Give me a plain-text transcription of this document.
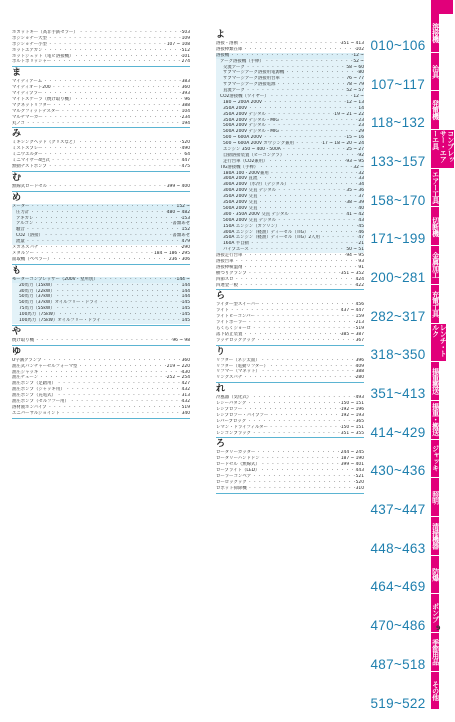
ホカットキー（高非手鉄セラー） ・・・・・・・・・・・・・・・・・・・・・・・・・・・・・・・・・・・・・・・・・・・・	503
ボジショナー大型 ・・・・・・・・・・・・・・・・・・・・・・・・・・・・・・・・・・・・・・・・・・・・	109
ボジショナー小型 ・・・・・・・・・・・・・・・・・・・・・・・・・・・・・・・・・・・・・・・・・・・・	107 ~ 108
ホットエアガン ・・・・・・・・・・・・・・・・・・・・・・・・・・・・・・・・・・・・・・・・・・・・	512
ホットジェット（電ビ溶接機） ・・・・・・・・・・・・・・・・・・・・・・・・・・・・・・・・・・・・・・・・・・・・	101
ボルトポリッシャー ・・・・・・・・・・・・・・・・・・・・・・・・・・・・・・・・・・・・・・・・・・・・	274
ま
マイティアーム ・・・・・・・・・・・・・・・・・・・・・・・・・・・・・・・・・・・・・・・・・・・・	383
マイティオート200 ・・・・・・・・・・・・・・・・・・・・・・・・・・・・・・・・・・・・・・・・・・・・	360
マイティプラー ・・・・・・・・・・・・・・・・・・・・・・・・・・・・・・・・・・・・・・・・・・・・	393
マイトスケーラ（焼け取り機） ・・・・・・・・・・・・・・・・・・・・・・・・・・・・・・・・・・・・・・・・・・・・	96
マグネットリフター ・・・・・・・・・・・・・・・・・・・・・・・・・・・・・・・・・・・・・・・・・・・・	388
マルクフィットテスター ・・・・・・・・・・・・・・・・・・・・・・・・・・・・・・・・・・・・・・・・・・・・	104
マルチマーカー ・・・・・・・・・・・・・・・・・・・・・・・・・・・・・・・・・・・・・・・・・・・・	234
丸ノコ ・・・・・・・・・・・・・・・・・・・・・・・・・・・・・・・・・・・・・・・・・・・・	194
み
ミキシングヘッド（グリスなど） ・・・・・・・・・・・・・・・・・・・・・・・・・・・・・・・・・・・・・・・・・・・・	520
ミストスプレー ・・・・・・・・・・・・・・・・・・・・・・・・・・・・・・・・・・・・・・・・・・・・	490
ミニウエルダー ・・・・・・・・・・・・・・・・・・・・・・・・・・・・・・・・・・・・・・・・・・・・	64
ミニマイザー4色式 ・・・・・・・・・・・・・・・・・・・・・・・・・・・・・・・・・・・・・・・・・・・・	447
無動ナストポンプ ・・・・・・・・・・・・・・・・・・・・・・・・・・・・・・・・・・・・・・・・・・・・	475
む
無線式ロードセル ・・・・・・・・・・・・・・・・・・・・・・・・・・・・・・・・・・・・・・・・・・・・	399 ~ 400
め
メーター ・・・・・・・・・・・・・・・・・・・・・・・・・・・・・・・・・・・・・・・・・・・・	152 ~
圧力計 ・・・・・・・・・・・・・・・・・・・・・・・・・・・・・・・・・・・・・・・・・・・・	480 ~ 482
アキカレ ・・・・・・・・・・・・・・・・・・・・・・・・・・・・・・・・・・・・・・・・・・・・	153
アルゴン ・・・・・・・・・・・・・・・・・・・・・・・・・・・・・・・・・・・・・・・・・・・・	書類あせ
騒音 ・・・・・・・・・・・・・・・・・・・・・・・・・・・・・・・・・・・・・・・・・・・・	152
CO2（溶接） ・・・・・・・・・・・・・・・・・・・・・・・・・・・・・・・・・・・・・・・・・・・・	書類あせ
流量 ・・・・・・・・・・・・・・・・・・・・・・・・・・・・・・・・・・・・・・・・・・・・	479
メガネスパナ ・・・・・・・・・・・・・・・・・・・・・・・・・・・・・・・・・・・・・・・・・・・・	290
メタルソー ・・・・・・・・・・・・・・・・・・・・・・・・・・・・・・・・・・・・・・・・・・・・	184 ~ 186・295
面取機（ベベラー） ・・・・・・・・・・・・・・・・・・・・・・・・・・・・・・・・・・・・・・・・・・・・	236・306
も
モーターコンプレッサー（200V・窒所別） ・・・・・・・・・・・・・・・・・・・・・・・・・・・・・・・・・・・・・・・・・・・・	144 ~
20馬力（15kW） ・・・・・・・・・・・・・・・・・・・・・・・・・・・・・・・・・・・・・・・・・・・・	144
30馬力（22kW） ・・・・・・・・・・・・・・・・・・・・・・・・・・・・・・・・・・・・・・・・・・・・	144
50馬力（37kW） ・・・・・・・・・・・・・・・・・・・・・・・・・・・・・・・・・・・・・・・・・・・・	144
50馬力（37kW）オイルフリー・ドライ ・・・・・・・・・・・・・・・・・・・・・・・・・・・・・・・・・・・・・・・・・・・・	145
75馬力（55kW） ・・・・・・・・・・・・・・・・・・・・・・・・・・・・・・・・・・・・・・・・・・・・	145
100馬力（75kW） ・・・・・・・・・・・・・・・・・・・・・・・・・・・・・・・・・・・・・・・・・・・・	145
100馬力（75kW）オイルフリー・ドライ ・・・・・・・・・・・・・・・・・・・・・・・・・・・・・・・・・・・・・・・・・・・・	145
や
焼け取り機 ・・・・・・・・・・・・・・・・・・・・・・・・・・・・・・・・・・・・・・・・・・・・	96 ~ 98
ゆ
U字溝クランプ ・・・・・・・・・・・・・・・・・・・・・・・・・・・・・・・・・・・・・・・・・・・・	360
油圧式パンチャーセルフォーマ型 ・・・・・・・・・・・・・・・・・・・・・・・・・・・・・・・・・・・・・・・・・・・・	219 ~ 220
油圧ジャッキ ・・・・・・・・・・・・・・・・・・・・・・・・・・・・・・・・・・・・・・・・・・・・	430
油圧チェーン ・・・・・・・・・・・・・・・・・・・・・・・・・・・・・・・・・・・・・・・・・・・・	252 ~ 254
油圧ポンプ（足踏用） ・・・・・・・・・・・・・・・・・・・・・・・・・・・・・・・・・・・・・・・・・・・・	427
油圧ポンプ（ジャッキ用） ・・・・・・・・・・・・・・・・・・・・・・・・・・・・・・・・・・・・・・・・・・・・	432
油圧ポンプ（充電式） ・・・・・・・・・・・・・・・・・・・・・・・・・・・・・・・・・・・・・・・・・・・・	313
油圧ポンプ（セルフフー用） ・・・・・・・・・・・・・・・・・・・・・・・・・・・・・・・・・・・・・・・・・・・・	432
溶材液ホンパイプ ・・・・・・・・・・・・・・・・・・・・・・・・・・・・・・・・・・・・・・・・・・・・	519
ユニバーサルジョイント ・・・・・・・・・・・・・・・・・・・・・・・・・・・・・・・・・・・・・・・・・・・・	340
よ
溶接・溶断 ・・・・・・・・・・・・・・・・・・・・・・・・・・・・・・・・・・・・・・・・・・・・	351 ~ 413
溶接棒類在庫 ・・・・・・・・・・・・・・・・・・・・・・・・・・・・・・・・・・・・・・・・・・・・	102
溶接機 ・・・・・・・・・・・・・・・・・・・・・・・・・・・・・・・・・・・・・・・・・・・・	12 ~
アーク溶接機（手棒） ・・・・・・・・・・・・・・・・・・・・・・・・・・・・・・・・・・・・・・・・・・・・	52 ~
交流アーク ・・・・・・・・・・・・・・・・・・・・・・・・・・・・・・・・・・・・・・・・・・・・	58 ~ 60
サブマージアーク溶接用電源機 ・・・・・・・・・・・・・・・・・・・・・・・・・・・・・・・・・・・・・・・・・・・・	80
サブマージアーク溶接用台車 ・・・・・・・・・・・・・・・・・・・・・・・・・・・・・・・・・・・・・・・・・・・・	76 ~ 77
サブマージアーク溶接電源 ・・・・・・・・・・・・・・・・・・・・・・・・・・・・・・・・・・・・・・・・・・・・	78 ~ 79
直流アーク ・・・・・・・・・・・・・・・・・・・・・・・・・・・・・・・・・・・・・・・・・・・・	52 ~ 57
CO2溶接機（ワイヤー） ・・・・・・・・・・・・・・・・・・・・・・・・・・・・・・・・・・・・・・・・・・・・	12 ~
180 ~ 200A 200V ・・・・・・・・・・・・・・・・・・・・・・・・・・・・・・・・・・・・・・・・・・・・	12 ~ 13
350A 200V ・・・・・・・・・・・・・・・・・・・・・・・・・・・・・・・・・・・・・・・・・・・・	14
350A 200V デジタル ・・・・・・・・・・・・・・・・・・・・・・・・・・・・・・・・・・・・・・・・・・・・	19 ~ 21 ~ 22
350A 200V デジタル・MIG ・・・・・・・・・・・・・・・・・・・・・・・・・・・・・・・・・・・・・・・・・・・・	23
500A 200V デジタル ・・・・・・・・・・・・・・・・・・・・・・・・・・・・・・・・・・・・・・・・・・・・	23
500A 200V デジタル・MIG ・・・・・・・・・・・・・・・・・・・・・・・・・・・・・・・・・・・・・・・・・・・・	29
500 ~ 600A 200V ・・・・・・・・・・・・・・・・・・・・・・・・・・・・・・・・・・・・・・・・・・・・	15 ~ 16
500 ~ 600A 200V ガウジング兼用 ・・・・・・・・・・・・・・・・・・・・・・・・・・・・・・・・・・・・・・・・・・・・	17 ~ 18 ~ 20 ~ 24
エンジン 350 ~ 400・500A ・・・・・・・・・・・・・・・・・・・・・・・・・・・・・・・・・・・・・・・・・・・・	25 ~ 27
自動溶接装置（ビーコンクラ） ・・・・・・・・・・・・・・・・・・・・・・・・・・・・・・・・・・・・・・・・・・・・	92
走行台車（CO2兼用） ・・・・・・・・・・・・・・・・・・・・・・・・・・・・・・・・・・・・・・・・・・・・	93 ~ 95
TIG溶接機（手棒） ・・・・・・・・・・・・・・・・・・・・・・・・・・・・・・・・・・・・・・・・・・・・	32 ~
180A 100・200V兼用 ・・・・・・・・・・・・・・・・・・・・・・・・・・・・・・・・・・・・・・・・・・・・	32
300A 200V 直流 ・・・・・・・・・・・・・・・・・・・・・・・・・・・・・・・・・・・・・・・・・・・・	33
300A 200V（水冷）（デジタル） ・・・・・・・・・・・・・・・・・・・・・・・・・・・・・・・・・・・・・・・・・・・・	34
300A 200V 交直 デジタル ・・・・・・・・・・・・・・・・・・・・・・・・・・・・・・・・・・・・・・・・・・・・	35 ~ 36
350A 200V 交直 ・・・・・・・・・・・・・・・・・・・・・・・・・・・・・・・・・・・・・・・・・・・・	37
350A 200V 交直 ・・・・・・・・・・・・・・・・・・・・・・・・・・・・・・・・・・・・・・・・・・・・	38 ~ 39
500A 200V 交直 ・・・・・・・・・・・・・・・・・・・・・・・・・・・・・・・・・・・・・・・・・・・・	40
300・350A 200V 交直 デジタル ・・・・・・・・・・・・・・・・・・・・・・・・・・・・・・・・・・・・・・・・・・・・	41 ~ 42
500A 200V 交直 デジタル ・・・・・・・・・・・・・・・・・・・・・・・・・・・・・・・・・・・・・・・・・・・・	43
150A エンジン（ガソリン） ・・・・・・・・・・・・・・・・・・・・・・・・・・・・・・・・・・・・・・・・・・・・	45
300A エンジン（軽油）ディーゼル（TIG） ・・・・・・・・・・・・・・・・・・・・・・・・・・・・・・・・・・・・・・・・・・・・	46
350A エンジン（軽油）ディーゼル（TIG）2人用 ・・・・・・・・・・・・・・・・・・・・・・・・・・・・・・・・・・・・・・・・・・・・	47
160A 半自動 ・・・・・・・・・・・・・・・・・・・・・・・・・・・・・・・・・・・・・・・・・・・・	21
パイプエース ・・・・・・・・・・・・・・・・・・・・・・・・・・・・・・・・・・・・・・・・・・・・	50 ~ 51
溶接走行台車 ・・・・・・・・・・・・・・・・・・・・・・・・・・・・・・・・・・・・・・・・・・・・	94 ~ 95
溶接台車 ・・・・・・・・・・・・・・・・・・・・・・・・・・・・・・・・・・・・・・・・・・・・	93
溶接棒検温剤 ・・・・・・・・・・・・・・・・・・・・・・・・・・・・・・・・・・・・・・・・・・・・	91
横つりクランプ ・・・・・・・・・・・・・・・・・・・・・・・・・・・・・・・・・・・・・・・・・・・・	351 ~ 352
四節スロ ・・・・・・・・・・・・・・・・・・・・・・・・・・・・・・・・・・・・・・・・・・・・	424
四連金一板 ・・・・・・・・・・・・・・・・・・・・・・・・・・・・・・・・・・・・・・・・・・・・	422
ら
ライダー型スイーパー ・・・・・・・・・・・・・・・・・・・・・・・・・・・・・・・・・・・・・・・・・・・・	456
ライト ・・・・・・・・・・・・・・・・・・・・・・・・・・・・・・・・・・・・・・・・・・・・	437 ~ 447
ライトビーコンバー ・・・・・・・・・・・・・・・・・・・・・・・・・・・・・・・・・・・・・・・・・・・・	159
ライトボーラー ・・・・・・・・・・・・・・・・・・・・・・・・・・・・・・・・・・・・・・・・・・・・	213
らくらくジョーロ ・・・・・・・・・・・・・・・・・・・・・・・・・・・・・・・・・・・・・・・・・・・・	519
落下防止装置 ・・・・・・・・・・・・・・・・・・・・・・・・・・・・・・・・・・・・・・・・・・・・	385 ~ 387
ラッチロッククック ・・・・・・・・・・・・・・・・・・・・・・・・・・・・・・・・・・・・・・・・・・・・	367
り
リフター（ネジ太面） ・・・・・・・・・・・・・・・・・・・・・・・・・・・・・・・・・・・・・・・・・・・・	396
リフター（電動リフター） ・・・・・・・・・・・・・・・・・・・・・・・・・・・・・・・・・・・・・・・・・・・・	409
リフマー（マネット） ・・・・・・・・・・・・・・・・・・・・・・・・・・・・・・・・・・・・・・・・・・・・	388
リングスパナ ・・・・・・・・・・・・・・・・・・・・・・・・・・・・・・・・・・・・・・・・・・・・	280
れ
冷風器（気化式） ・・・・・・・・・・・・・・・・・・・・・・・・・・・・・・・・・・・・・・・・・・・・	493
レシーバタンク ・・・・・・・・・・・・・・・・・・・・・・・・・・・・・・・・・・・・・・・・・・・・	150 ~ 151
レシプロソー ・・・・・・・・・・・・・・・・・・・・・・・・・・・・・・・・・・・・・・・・・・・・	192 ~ 196
レシプロソー・パイプソー ・・・・・・・・・・・・・・・・・・・・・・・・・・・・・・・・・・・・・・・・・・・・	192 ~ 193
レバーブロック ・・・・・・・・・・・・・・・・・・・・・・・・・・・・・・・・・・・・・・・・・・・・	365
レマン・ドライフィルター ・・・・・・・・・・・・・・・・・・・・・・・・・・・・・・・・・・・・・・・・・・・・	150 ~ 151
レンコンブラック ・・・・・・・・・・・・・・・・・・・・・・・・・・・・・・・・・・・・・・・・・・・・	351 ~ 355
ろ
ロータリーカッター ・・・・・・・・・・・・・・・・・・・・・・・・・・・・・・・・・・・・・・・・・・・・	244 ~ 245
ロータリーハンドドン ・・・・・・・・・・・・・・・・・・・・・・・・・・・・・・・・・・・・・・・・・・・・	187 ~ 190
ロードセル（無線式） ・・・・・・・・・・・・・・・・・・・・・・・・・・・・・・・・・・・・・・・・・・・・	399 ~ 401
ロープライト（LED） ・・・・・・・・・・・・・・・・・・・・・・・・・・・・・・・・・・・・・・・・・・・・	443
ローラーコンベア ・・・・・・・・・・・・・・・・・・・・・・・・・・・・・・・・・・・・・・・・・・・・	521
ローロックック ・・・・・・・・・・・・・・・・・・・・・・・・・・・・・・・・・・・・・・・・・・・・	520
ロボット掃除機 ・・・・・・・・・・・・・・・・・・・・・・・・・・・・・・・・・・・・・・・・・・・・	310
010~106
107~117
118~132
133~157
158~170
171~199
200~281
282~317
318~350
351~413
414~429
430~436
437~447
448~463
464~469
470~486
487~518
519~522
溶接機
治具
発電機
コンプレッサー・エアーエ具
エアー工具
切断機
金属加工
充電工具
レンチ・トルク
揚重搬送
揚重・搬送
ジャッキ
照明
清掃機器
防爆
ポンプ
季節用品
その他
9
